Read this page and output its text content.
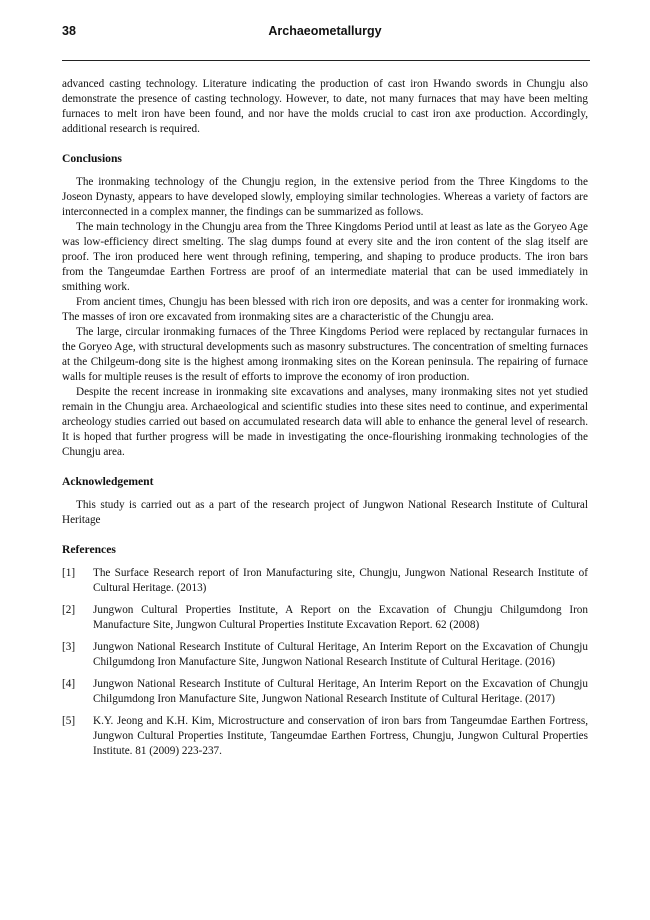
38	Archaeometallurgy

advanced casting technology. Literature indicating the production of cast iron Hwando swords in Chungju also demonstrate the presence of casting technology. However, to date, not many furnaces that may have been melting furnaces to melt iron have been found, and nor have the molds crucial to cast iron axe production. Accordingly, additional research is required.

Conclusions

The ironmaking technology of the Chungju region, in the extensive period from the Three Kingdoms to the Joseon Dynasty, appears to have developed slowly, employing similar technologies. Whereas a variety of factors are interconnected in a complex manner, the findings can be summarized as follows.

The main technology in the Chungju area from the Three Kingdoms Period until at least as late as the Goryeo Age was low-efficiency direct smelting. The slag dumps found at every site and the iron content of the slag itself are proof. The iron produced here went through refining, tempering, and shaping to produce products. The iron bars from the Tangeumdae Earthen Fortress are proof of an intermediate material that can be used immediately in smithing work.

From ancient times, Chungju has been blessed with rich iron ore deposits, and was a center for ironmaking work. The masses of iron ore excavated from ironmaking sites are a characteristic of the Chungju area.

The large, circular ironmaking furnaces of the Three Kingdoms Period were replaced by rectangular furnaces in the Goryeo Age, with structural developments such as masonry substructures. The concentration of smelting furnaces at the Chilgeum-dong site is the highest among ironmaking sites on the Korean peninsula. The repairing of furnace walls for multiple reuses is the result of efforts to improve the economy of iron production.

Despite the recent increase in ironmaking site excavations and analyses, many ironmaking sites not yet studied remain in the Chungju area. Archaeological and scientific studies into these sites need to continue, and experimental archeology studies carried out based on accumulated research data will able to enhance the general level of research. It is hoped that further progress will be made in investigating the once-flourishing ironmaking technologies of the Chungju area.

Acknowledgement

This study is carried out as a part of the research project of Jungwon National Research Institute of Cultural Heritage

References
[1] The Surface Research report of Iron Manufacturing site, Chungju, Jungwon National Research Institute of Cultural Heritage. (2013)
[2] Jungwon Cultural Properties Institute, A Report on the Excavation of Chungju Chilgumdong Iron Manufacture Site, Jungwon Cultural Properties Institute Excavation Report. 62 (2008)
[3] Jungwon National Research Institute of Cultural Heritage, An Interim Report on the Excavation of Chungju Chilgumdong Iron Manufacture Site, Jungwon National Research Institute of Cultural Heritage. (2016)
[4] Jungwon National Research Institute of Cultural Heritage, An Interim Report on the Excavation of Chungju Chilgumdong Iron Manufacture Site, Jungwon National Research Institute of Cultural Heritage. (2017)
[5] K.Y. Jeong and K.H. Kim, Microstructure and conservation of iron bars from Tangeumdae Earthen Fortress, Jungwon Cultural Properties Institute, Tangeumdae Earthen Fortress, Chungju, Jungwon Cultural Properties Institute. 81 (2009) 223-237.
